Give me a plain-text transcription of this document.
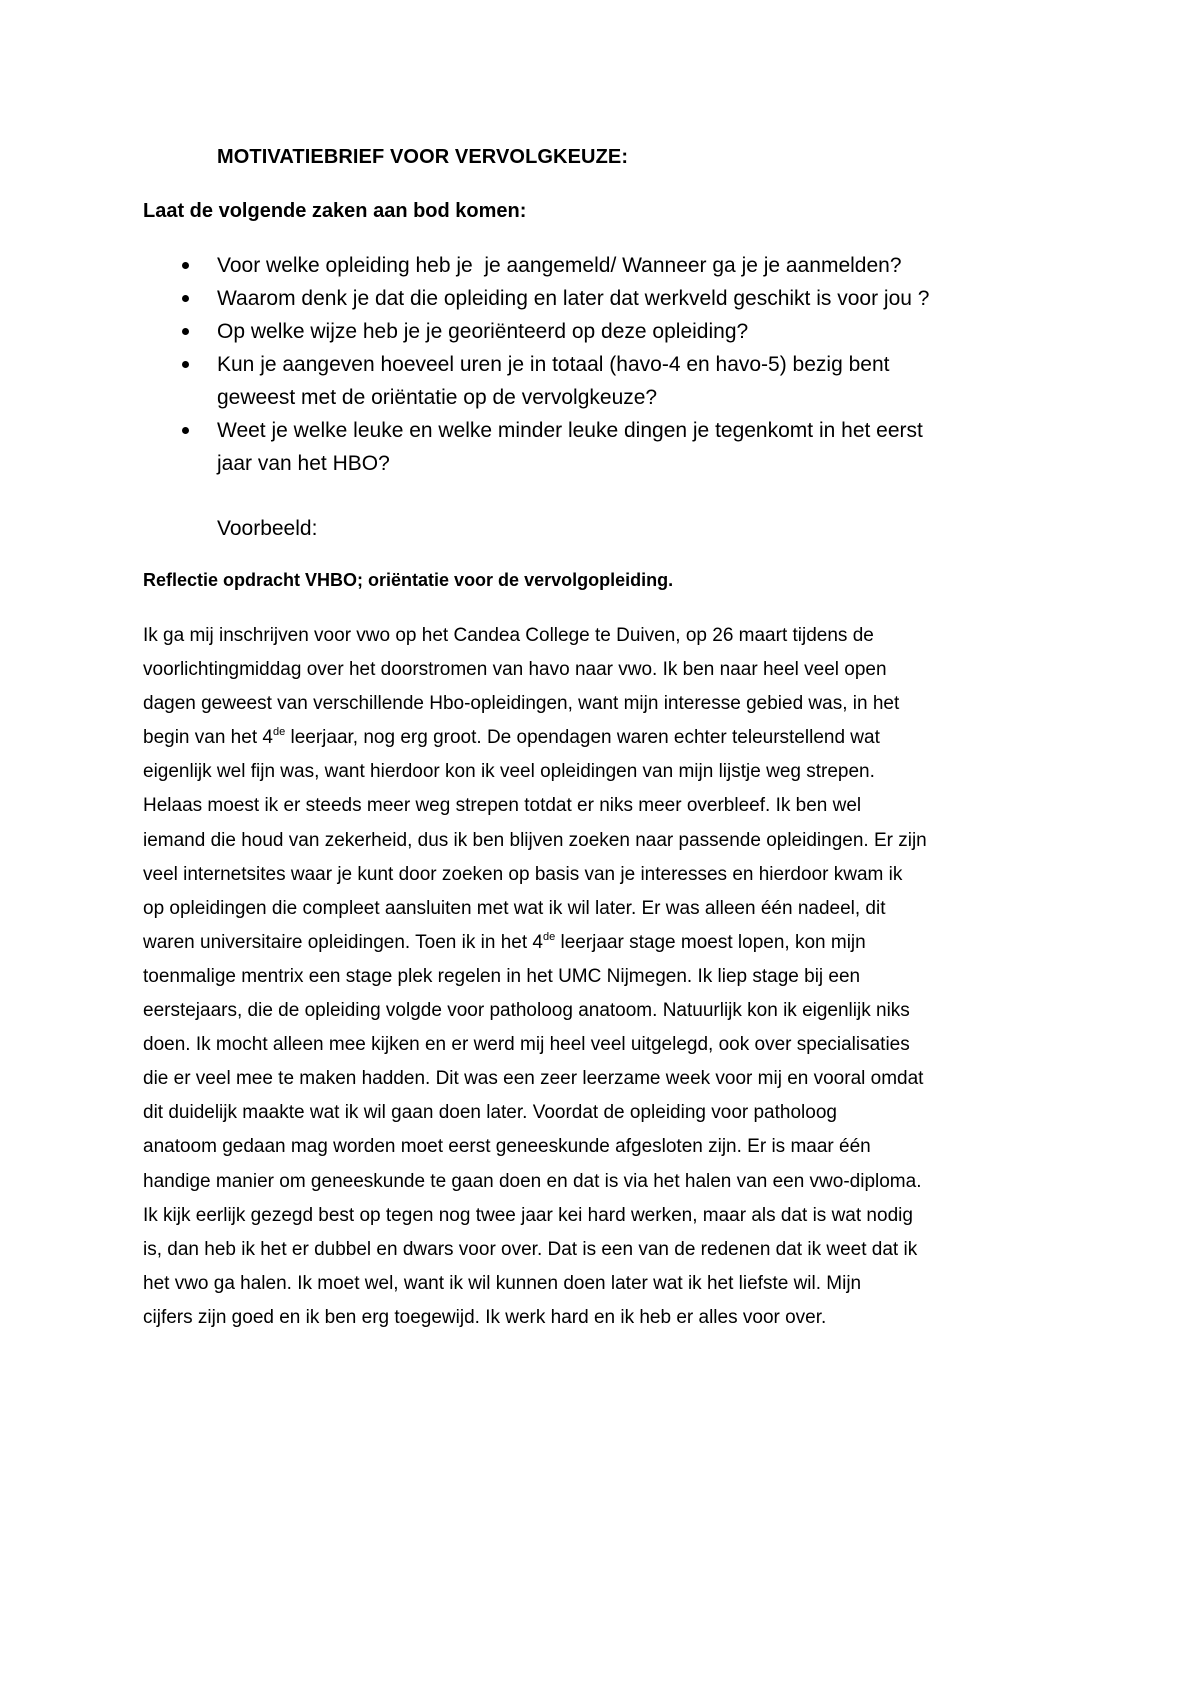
MOTIVATIEBRIEF VOOR VERVOLGKEUZE:
Laat de volgende zaken aan bod komen:
Voor welke opleiding heb je  je aangemeld/ Wanneer ga je je aanmelden?
Waarom denk je dat die opleiding en later dat werkveld geschikt is voor jou ?
Op welke wijze heb je je georiënteerd op deze opleiding?
Kun je aangeven hoeveel uren je in totaal (havo-4 en havo-5) bezig bent
geweest met de oriëntatie op de vervolgkeuze?
Weet je welke leuke en welke minder leuke dingen je tegenkomt in het eerst
jaar van het HBO?
Voorbeeld:
Reflectie opdracht VHBO; oriëntatie voor de vervolgopleiding.
Ik ga mij inschrijven voor vwo op het Candea College te Duiven, op 26 maart tijdens de
voorlichtingmiddag over het doorstromen van havo naar vwo. Ik ben naar heel veel open
dagen geweest van verschillende Hbo-opleidingen, want mijn interesse gebied was, in het
begin van het 4de leerjaar, nog erg groot. De opendagen waren echter teleurstellend wat
eigenlijk wel fijn was, want hierdoor kon ik veel opleidingen van mijn lijstje weg strepen.
Helaas moest ik er steeds meer weg strepen totdat er niks meer overbleef. Ik ben wel
iemand die houd van zekerheid, dus ik ben blijven zoeken naar passende opleidingen. Er zijn
veel internetsites waar je kunt door zoeken op basis van je interesses en hierdoor kwam ik
op opleidingen die compleet aansluiten met wat ik wil later. Er was alleen één nadeel, dit
waren universitaire opleidingen. Toen ik in het 4de leerjaar stage moest lopen, kon mijn
toenmalige mentrix een stage plek regelen in het UMC Nijmegen. Ik liep stage bij een
eerstejaars, die de opleiding volgde voor patholoog anatoom. Natuurlijk kon ik eigenlijk niks
doen. Ik mocht alleen mee kijken en er werd mij heel veel uitgelegd, ook over specialisaties
die er veel mee te maken hadden. Dit was een zeer leerzame week voor mij en vooral omdat
dit duidelijk maakte wat ik wil gaan doen later. Voordat de opleiding voor patholoog
anatoom gedaan mag worden moet eerst geneeskunde afgesloten zijn. Er is maar één
handige manier om geneeskunde te gaan doen en dat is via het halen van een vwo-diploma.
Ik kijk eerlijk gezegd best op tegen nog twee jaar kei hard werken, maar als dat is wat nodig
is, dan heb ik het er dubbel en dwars voor over. Dat is een van de redenen dat ik weet dat ik
het vwo ga halen. Ik moet wel, want ik wil kunnen doen later wat ik het liefste wil. Mijn
cijfers zijn goed en ik ben erg toegewijd. Ik werk hard en ik heb er alles voor over.
